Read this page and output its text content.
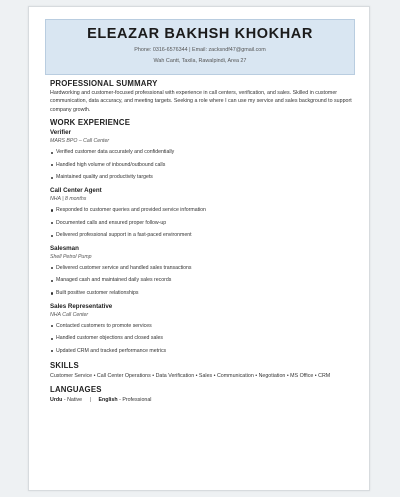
ELEAZAR BAKHSH KHOKHAR
Phone: 0316-6576344 | Email: zacksndf47@gmail.com
Wah Cantt, Taxila, Rawalpindi, Area 27
PROFESSIONAL SUMMARY
Hardworking and customer-focused professional with experience in call centers, verification, and sales. Skilled in customer communication, data accuracy, and meeting targets. Seeking a role where I can use my service and sales background to support company growth.
WORK EXPERIENCE
Verifier
MARS BPO – Call Center
Verified customer data accurately and confidentially
Handled high volume of inbound/outbound calls
Maintained quality and productivity targets
Call Center Agent
NHA | 8 months
Responded to customer queries and provided service information
Documented calls and ensured proper follow-up
Delivered professional support in a fast-paced environment
Salesman
Shell Petrol Pump
Delivered customer service and handled sales transactions
Managed cash and maintained daily sales records
Built positive customer relationships
Sales Representative
NHA Call Center
Contacted customers to promote services
Handled customer objections and closed sales
Updated CRM and tracked performance metrics
SKILLS
Customer Service • Call Center Operations • Data Verification • Sales • Communication • Negotiation • MS Office • CRM
LANGUAGES
Urdu - Native | English - Professional
